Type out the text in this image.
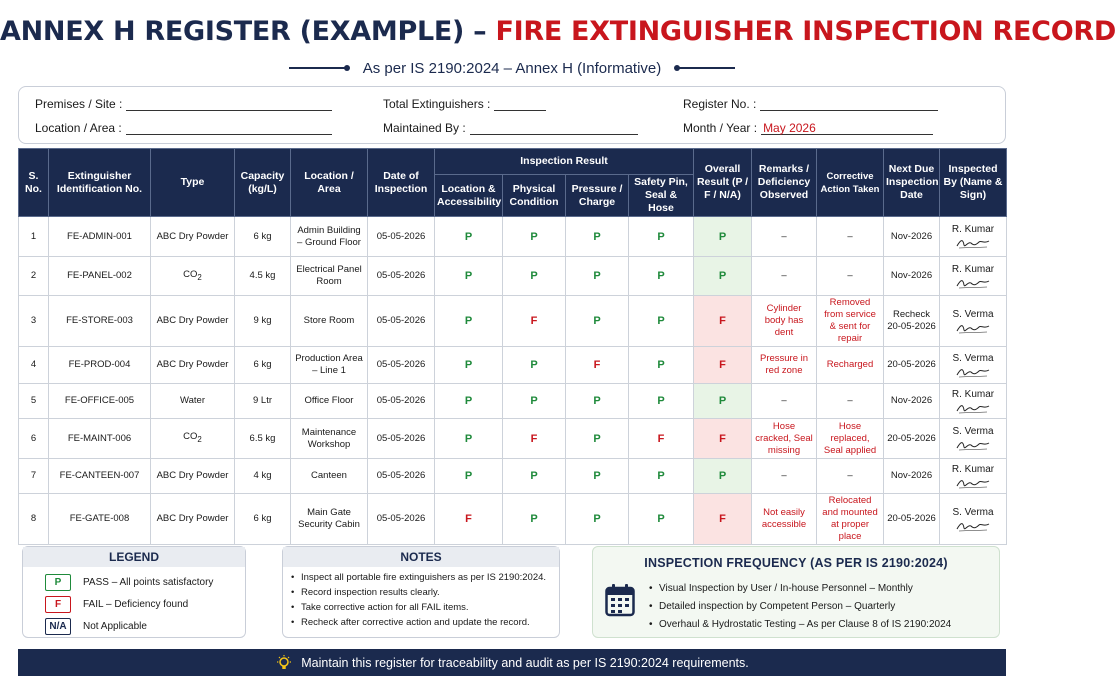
ANNEX H REGISTER (EXAMPLE) – FIRE EXTINGUISHER INSPECTION RECORD
As per IS 2190:2024 – Annex H (Informative)
Premises / Site :
Location / Area :
Total Extinguishers :
Maintained By :
Register No. :
Month / Year : May 2026
S. No.	Extinguisher Identification No.	Type	Capacity (kg/L)	Location / Area	Date of Inspection	Inspection Result				Overall Result (P / F / N/A)	Remarks / Deficiency Observed	Corrective Action Taken	Next Due Inspection Date	Inspected By (Name & Sign)
						Location & Accessibility	Physical Condition	Pressure / Charge	Safety Pin, Seal & Hose					
1	FE-ADMIN-001	ABC Dry Powder	6 kg	Admin Building – Ground Floor	05-05-2026	P	P	P	P	P	–	–	Nov-2026	R. Kumar

2	FE-PANEL-002	$CO_2$	4.5 kg	Electrical Panel Room	05-05-2026	P	P	P	P	P	–	–	Nov-2026	R. Kumar

3	FE-STORE-003	ABC Dry Powder	9 kg	Store Room	05-05-2026	P	F	P	P	F	Cylinder body has dent	Removed from service & sent for repair	Recheck 20-05-2026	S. Verma

4	FE-PROD-004	ABC Dry Powder	6 kg	Production Area – Line 1	05-05-2026	P	P	F	P	F	Pressure in red zone	Recharged	20-05-2026	S. Verma

5	FE-OFFICE-005	Water	9 Ltr	Office Floor	05-05-2026	P	P	P	P	P	–	–	Nov-2026	R. Kumar

6	FE-MAINT-006	$CO_2$	6.5 kg	Maintenance Workshop	05-05-2026	P	F	P	F	F	Hose cracked, Seal missing	Hose replaced, Seal applied	20-05-2026	S. Verma

7	FE-CANTEEN-007	ABC Dry Powder	4 kg	Canteen	05-05-2026	P	P	P	P	P	–	–	Nov-2026	R. Kumar

8	FE-GATE-008	ABC Dry Powder	6 kg	Main Gate Security Cabin	05-05-2026	F	P	P	P	F	Not easily accessible	Relocated and mounted at proper place	20-05-2026	S. Verma
LEGEND
P	PASS – All points satisfactory
F	FAIL – Deficiency found
N/A	Not Applicable
NOTES
• Inspect all portable fire extinguishers as per IS 2190:2024.
• Record inspection results clearly.
• Take corrective action for all FAIL items.
• Recheck after corrective action and update the record.
INSPECTION FREQUENCY (AS PER IS 2190:2024)
• Visual Inspection by User / In-house Personnel – Monthly
• Detailed inspection by Competent Person – Quarterly
• Overhaul & Hydrostatic Testing – As per Clause 8 of IS 2190:2024
Maintain this register for traceability and audit as per IS 2190:2024 requirements.
